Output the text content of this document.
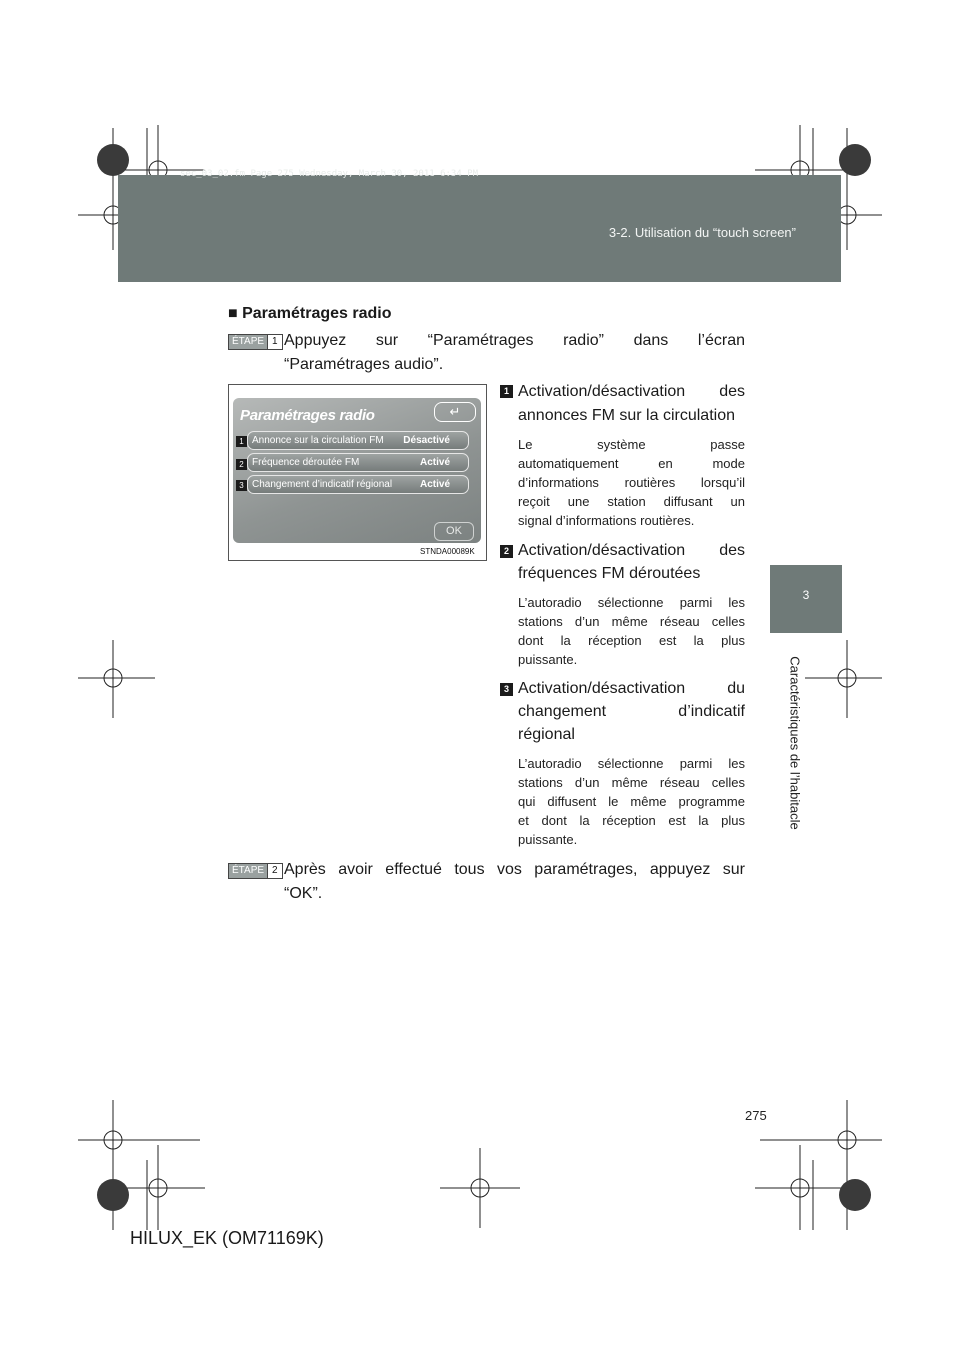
sec_03_02.fm Page 275 Wednesday, March 30, 2011 6:34 PM
3-2. Utilisation du “touch screen”
3
Caractéristiques de l’habitacle
■ Paramétrages radio
ÉTAPE 1 Appuyez sur “Paramétrages radio” dans l’écran
“Paramétrages audio”.
Paramétrages radio	↵
1 Annonce sur la circulation FM Désactivé
2 Fréquence déroutée FM	Activé
3 Changement d’indicatif régional	Activé
OK
STNDA00089K
1 Activation/désactivation des
annonces FM sur la circulation
Le système passe
automatiquement en mode
d’informations routières lorsqu’il
reçoit une station diffusant un
signal d’informations routières.
2 Activation/désactivation des
fréquences FM déroutées
L’autoradio sélectionne parmi les
stations d’un même réseau celles
dont la réception est la plus
puissante.
3 Activation/désactivation du
changement d’indicatif
régional
L’autoradio sélectionne parmi les
stations d’un même réseau celles
qui diffusent le même programme
et dont la réception est la plus
puissante.
ÉTAPE 2 Après avoir effectué tous vos paramétrages, appuyez sur
“OK”.
275
HILUX_EK (OM71169K)
